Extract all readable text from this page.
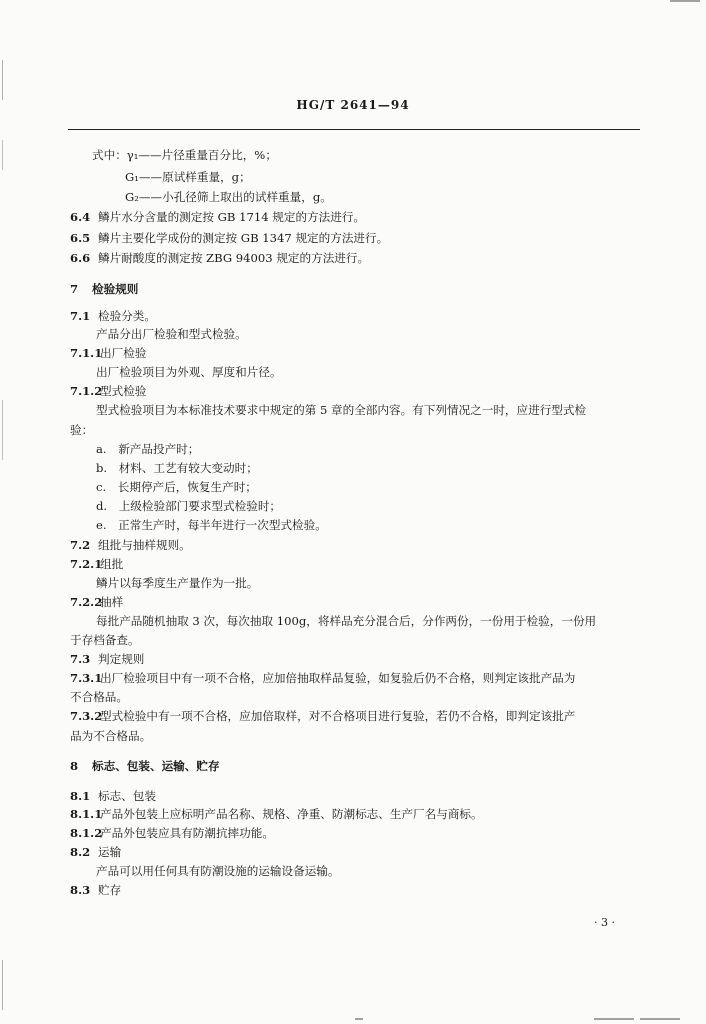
HG/T 2641—94
式中：γ₁——片径重量百分比，%；
G₁——原试样重量，g；
G₂——小孔径筛上取出的试样重量，g。
6.4 鳞片水分含量的测定按 GB 1714 规定的方法进行。
6.5 鳞片主要化学成份的测定按 GB 1347 规定的方法进行。
6.6 鳞片耐酸度的测定按 ZBG 94003 规定的方法进行。
7 检验规则
7.1 检验分类。
产品分出厂检验和型式检验。
7.1.1出厂检验
出厂检验项目为外观、厚度和片径。
7.1.2型式检验
型式检验项目为本标准技术要求中规定的第 5 章的全部内容。有下列情况之一时，应进行型式检
验：
a.　新产品投产时；
b.　材料、工艺有较大变动时；
c.　长期停产后，恢复生产时；
d.　上级检验部门要求型式检验时；
e.　正常生产时，每半年进行一次型式检验。
7.2 组批与抽样规则。
7.2.1组批
鳞片以每季度生产量作为一批。
7.2.2抽样
每批产品随机抽取 3 次，每次抽取 100g，将样品充分混合后，分作两份，一份用于检验，一份用
于存档备查。
7.3 判定规则
7.3.1出厂检验项目中有一项不合格，应加倍抽取样品复验，如复验后仍不合格，则判定该批产品为
不合格品。
7.3.2型式检验中有一项不合格，应加倍取样，对不合格项目进行复验，若仍不合格，即判定该批产
品为不合格品。
8 标志、包装、运输、贮存
8.1 标志、包装
8.1.1产品外包装上应标明产品名称、规格、净重、防潮标志、生产厂名与商标。
8.1.2产品外包装应具有防潮抗摔功能。
8.2 运输
产品可以用任何具有防潮设施的运输设备运输。
8.3 贮存
· 3 ·
